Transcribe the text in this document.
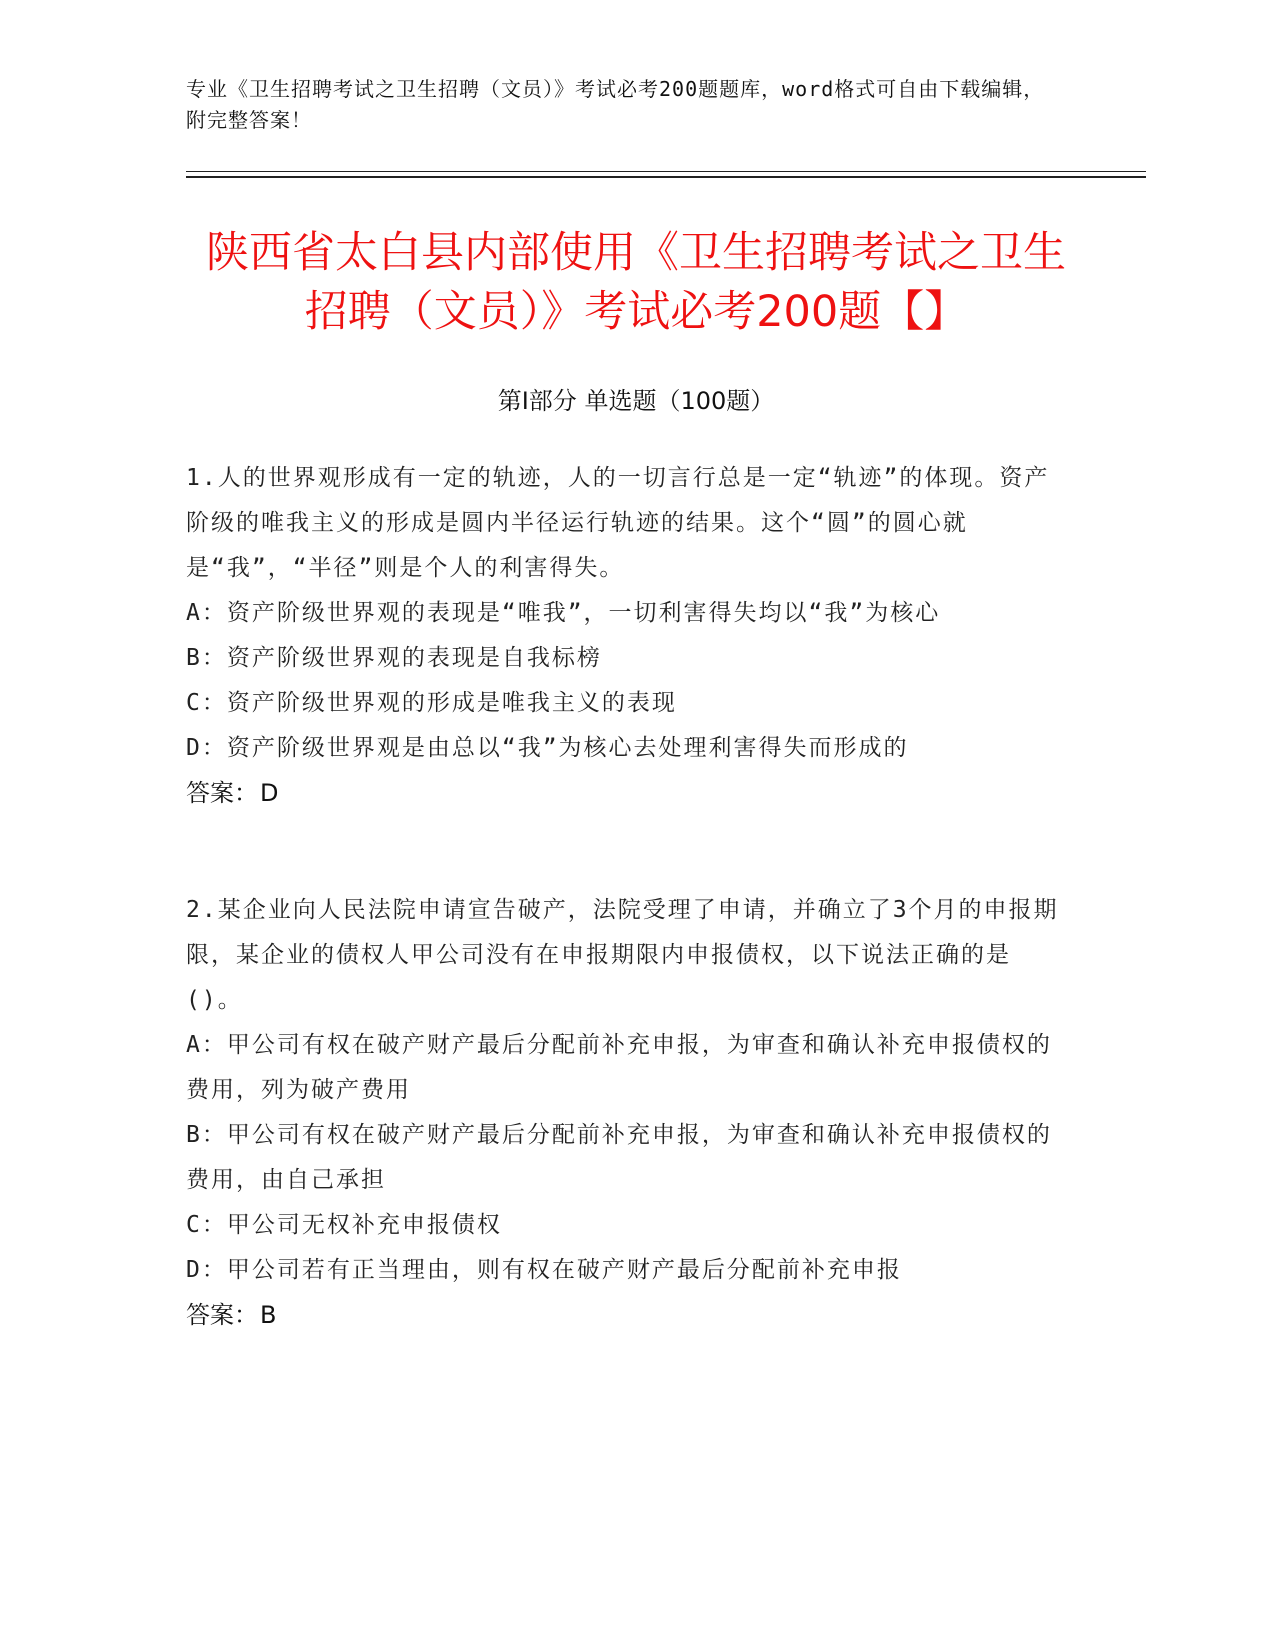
专业《卫生招聘考试之卫生招聘（文员）》考试必考200题题库，word格式可自由下载编辑，附完整答案！
陕西省太白县内部使用《卫生招聘考试之卫生招聘（文员）》考试必考200题【】
第Ⅰ部分 单选题（100题）

1.人的世界观形成有一定的轨迹，人的一切言行总是一定“轨迹”的体现。资产阶级的唯我主义的形成是圆内半径运行轨迹的结果。这个“圆”的圆心就是“我”，“半径”则是个人的利害得失。

A：资产阶级世界观的表现是“唯我”，一切利害得失均以“我”为核心

B：资产阶级世界观的表现是自我标榜

C：资产阶级世界观的形成是唯我主义的表现

D：资产阶级世界观是由总以“我”为核心去处理利害得失而形成的

答案：D

2.某企业向人民法院申请宣告破产，法院受理了申请，并确立了3个月的申报期限，某企业的债权人甲公司没有在申报期限内申报债权，以下说法正确的是()。

A：甲公司有权在破产财产最后分配前补充申报，为审查和确认补充申报债权的费用，列为破产费用

B：甲公司有权在破产财产最后分配前补充申报，为审查和确认补充申报债权的费用，由自己承担

C：甲公司无权补充申报债权

D：甲公司若有正当理由，则有权在破产财产最后分配前补充申报

答案：B
